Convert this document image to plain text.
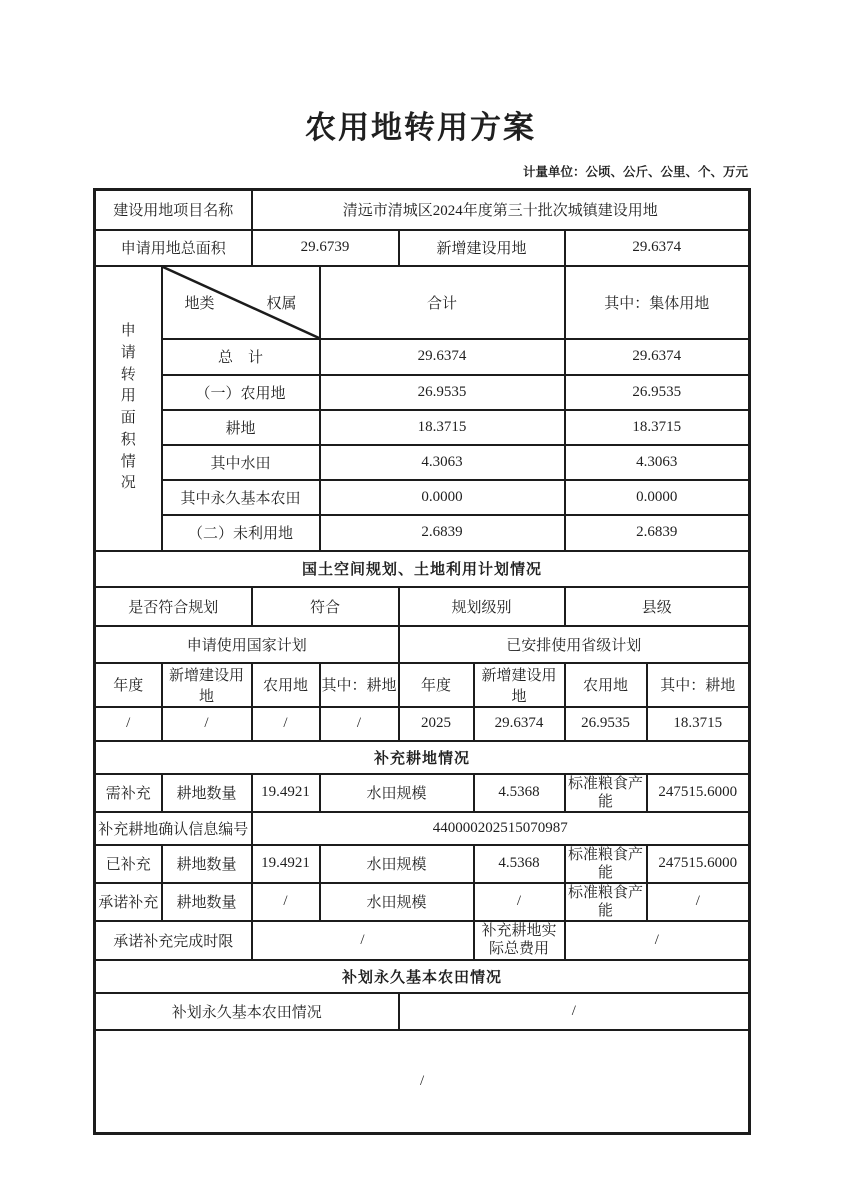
农用地转用方案
计量单位：公顷、公斤、公里、个、万元
建设用地项目名称		清远市清城区2024年度第三十批次城镇建设用地					
申请用地总面积		29.6739		新增建设用地		29.6374	
申请转用面积情况	地类 权属		合计			其中：集体用地	
	总　计		29.6374			29.6374	
	（一）农用地		26.9535			26.9535	
	耕地		18.3715			18.3715	
	其中水田		4.3063			4.3063	
	其中永久基本农田		0.0000			0.0000	
	（二）未利用地		2.6839			2.6839	
国土空间规划、土地利用计划情况							
是否符合规划		符合		规划级别		县级	
申请使用国家计划				已安排使用省级计划			
年度	新增建设用地	农用地	其中：耕地	年度	新增建设用地	农用地	其中：耕地
/	/	/	/	2025	29.6374	26.9535	18.3715
补充耕地情况							
需补充	耕地数量	19.4921	水田规模		4.5368	标准粮食产能	247515.6000
补充耕地确认信息编号		440000202515070987					
已补充	耕地数量	19.4921	水田规模		4.5368	标准粮食产能	247515.6000
承诺补充	耕地数量	/	水田规模		/	标准粮食产能	/
承诺补充完成时限		/			补充耕地实际总费用	/	
补划永久基本农田情况							
补划永久基本农田情况				/			
/							
